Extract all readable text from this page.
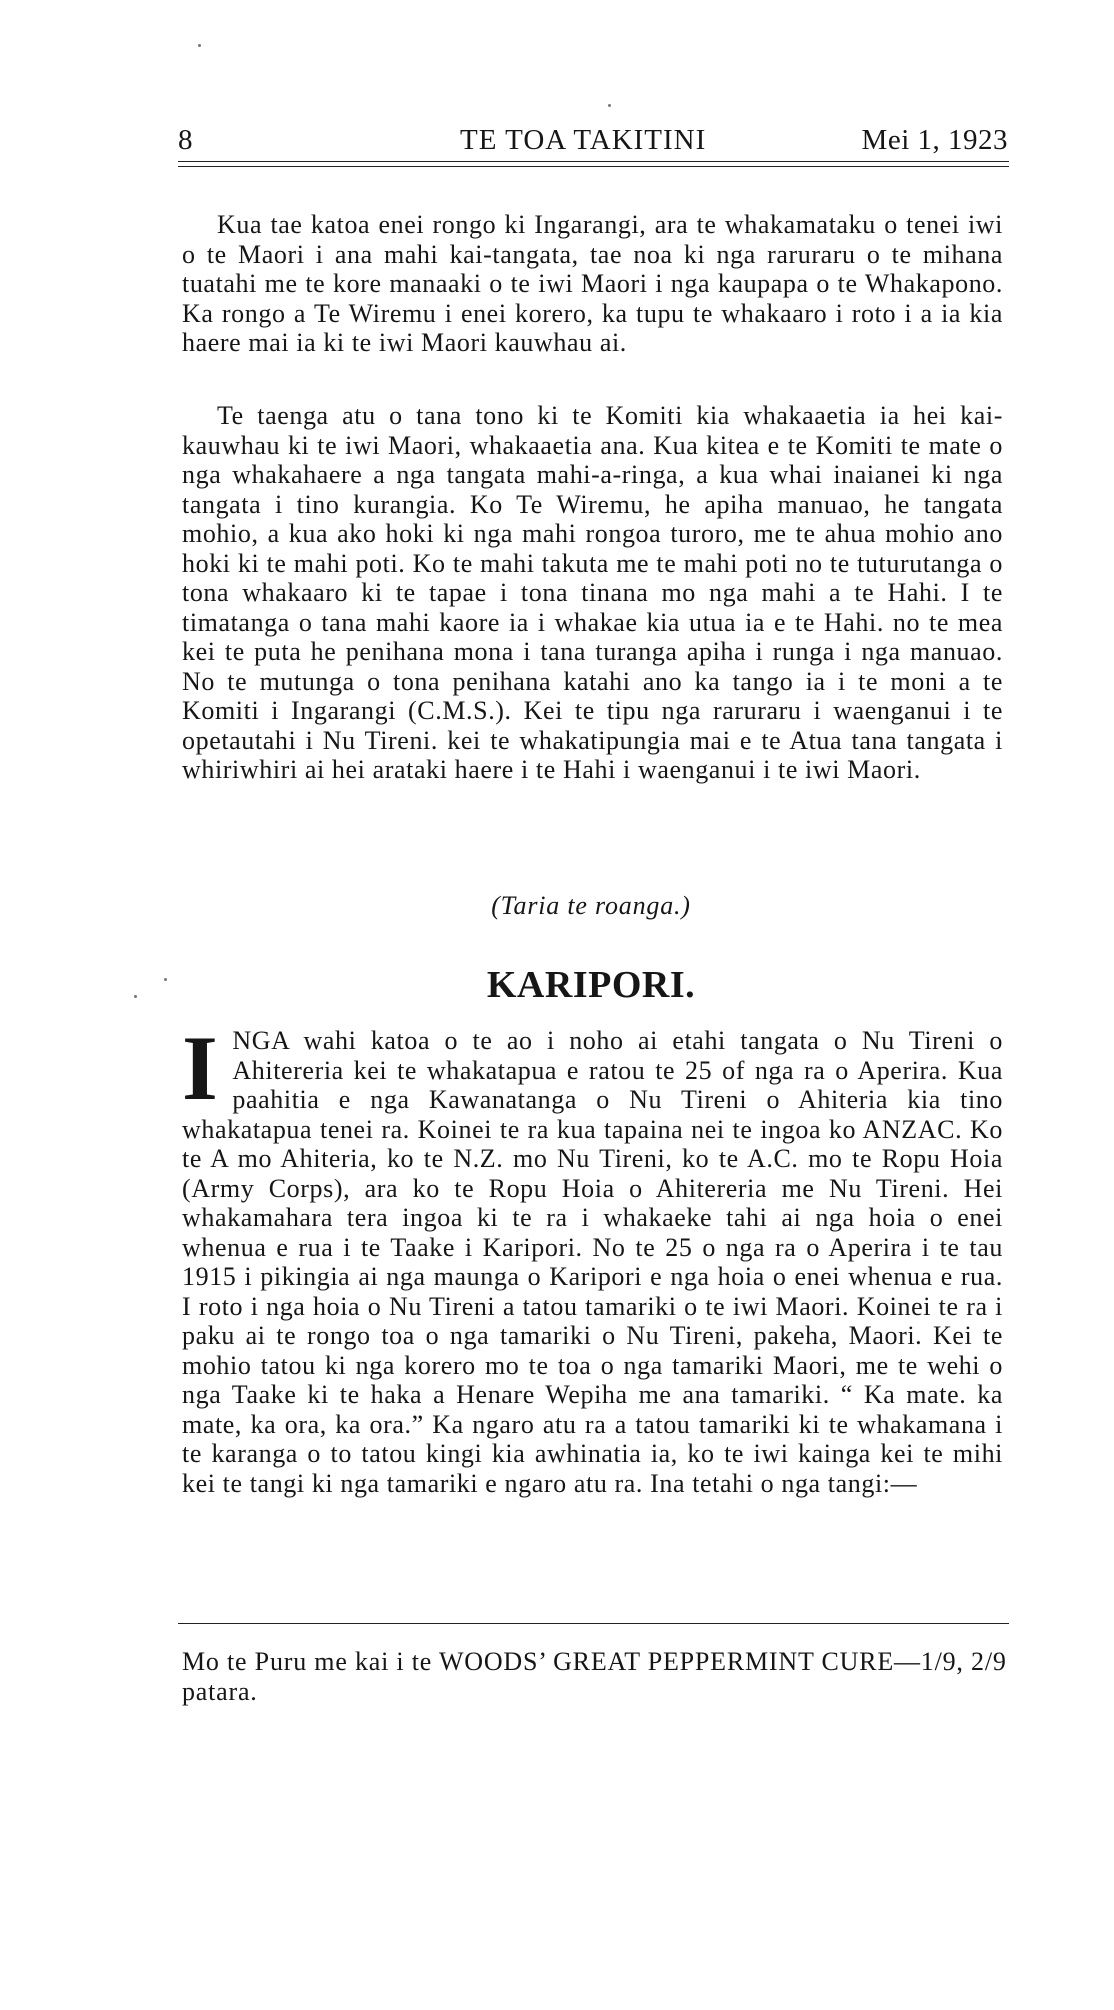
8	TE TOA TAKITINI	Mei 1, 1923

Kua tae katoa enei rongo ki Ingarangi, ara te whakamataku o tenei iwi o te Maori i ana mahi kai-tangata, tae noa ki nga raruraru o te mihana tuatahi me te kore manaaki o te iwi Maori i nga kaupapa o te Whakapono. Ka rongo a Te Wiremu i enei korero, ka tupu te whakaaro i roto i a ia kia haere mai ia ki te iwi Maori kauwhau ai.

Te taenga atu o tana tono ki te Komiti kia whakaaetia ia hei kai-kauwhau ki te iwi Maori, whakaaetia ana. Kua kitea e te Komiti te mate o nga whakahaere a nga tangata mahi-a-ringa, a kua whai inaianei ki nga tangata i tino kurangia. Ko Te Wiremu, he apiha manuao, he tangata mohio, a kua ako hoki ki nga mahi rongoa turoro, me te ahua mohio ano hoki ki te mahi poti. Ko te mahi takuta me te mahi poti no te tuturutanga o tona whakaaro ki te tapae i tona tinana mo nga mahi a te Hahi. I te timatanga o tana mahi kaore ia i whakae kia utua ia e te Hahi. no te mea kei te puta he penihana mona i tana turanga apiha i runga i nga manuao. No te mutunga o tona penihana katahi ano ka tango ia i te moni a te Komiti i Ingarangi (C.M.S.). Kei te tipu nga raruraru i waenganui i te opetautahi i Nu Tireni. kei te whakatipungia mai e te Atua tana tangata i whiriwhiri ai hei arataki haere i te Hahi i waenganui i te iwi Maori.

(Taria te roanga.)
KARIPORI.

INGA wahi katoa o te ao i noho ai etahi tangata o Nu Tireni o Ahitereria kei te whakatapua e ratou te 25 of nga ra o Aperira. Kua paahitia e nga Kawanatanga o Nu Tireni o Ahiteria kia tino whakatapua tenei ra. Koinei te ra kua tapaina nei te ingoa ko ANZAC. Ko te A mo Ahiteria, ko te N.Z. mo Nu Tireni, ko te A.C. mo te Ropu Hoia (Army Corps), ara ko te Ropu Hoia o Ahitereria me Nu Tireni. Hei whakamahara tera ingoa ki te ra i whakaeke tahi ai nga hoia o enei whenua e rua i te Taake i Karipori. No te 25 o nga ra o Aperira i te tau 1915 i pikingia ai nga maunga o Karipori e nga hoia o enei whenua e rua. I roto i nga hoia o Nu Tireni a tatou tamariki o te iwi Maori. Koinei te ra i paku ai te rongo toa o nga tamariki o Nu Tireni, pakeha, Maori. Kei te mohio tatou ki nga korero mo te toa o nga tamariki Maori, me te wehi o nga Taake ki te haka a Henare Wepiha me ana tamariki. “ Ka mate. ka mate, ka ora, ka ora.” Ka ngaro atu ra a tatou tamariki ki te whakamana i te karanga o to tatou kingi kia awhinatia ia, ko te iwi kainga kei te mihi kei te tangi ki nga tamariki e ngaro atu ra. Ina tetahi o nga tangi:—

Mo te Puru me kai i te WOODS’ GREAT PEPPERMINT CURE—1/9, 2/9 patara.
